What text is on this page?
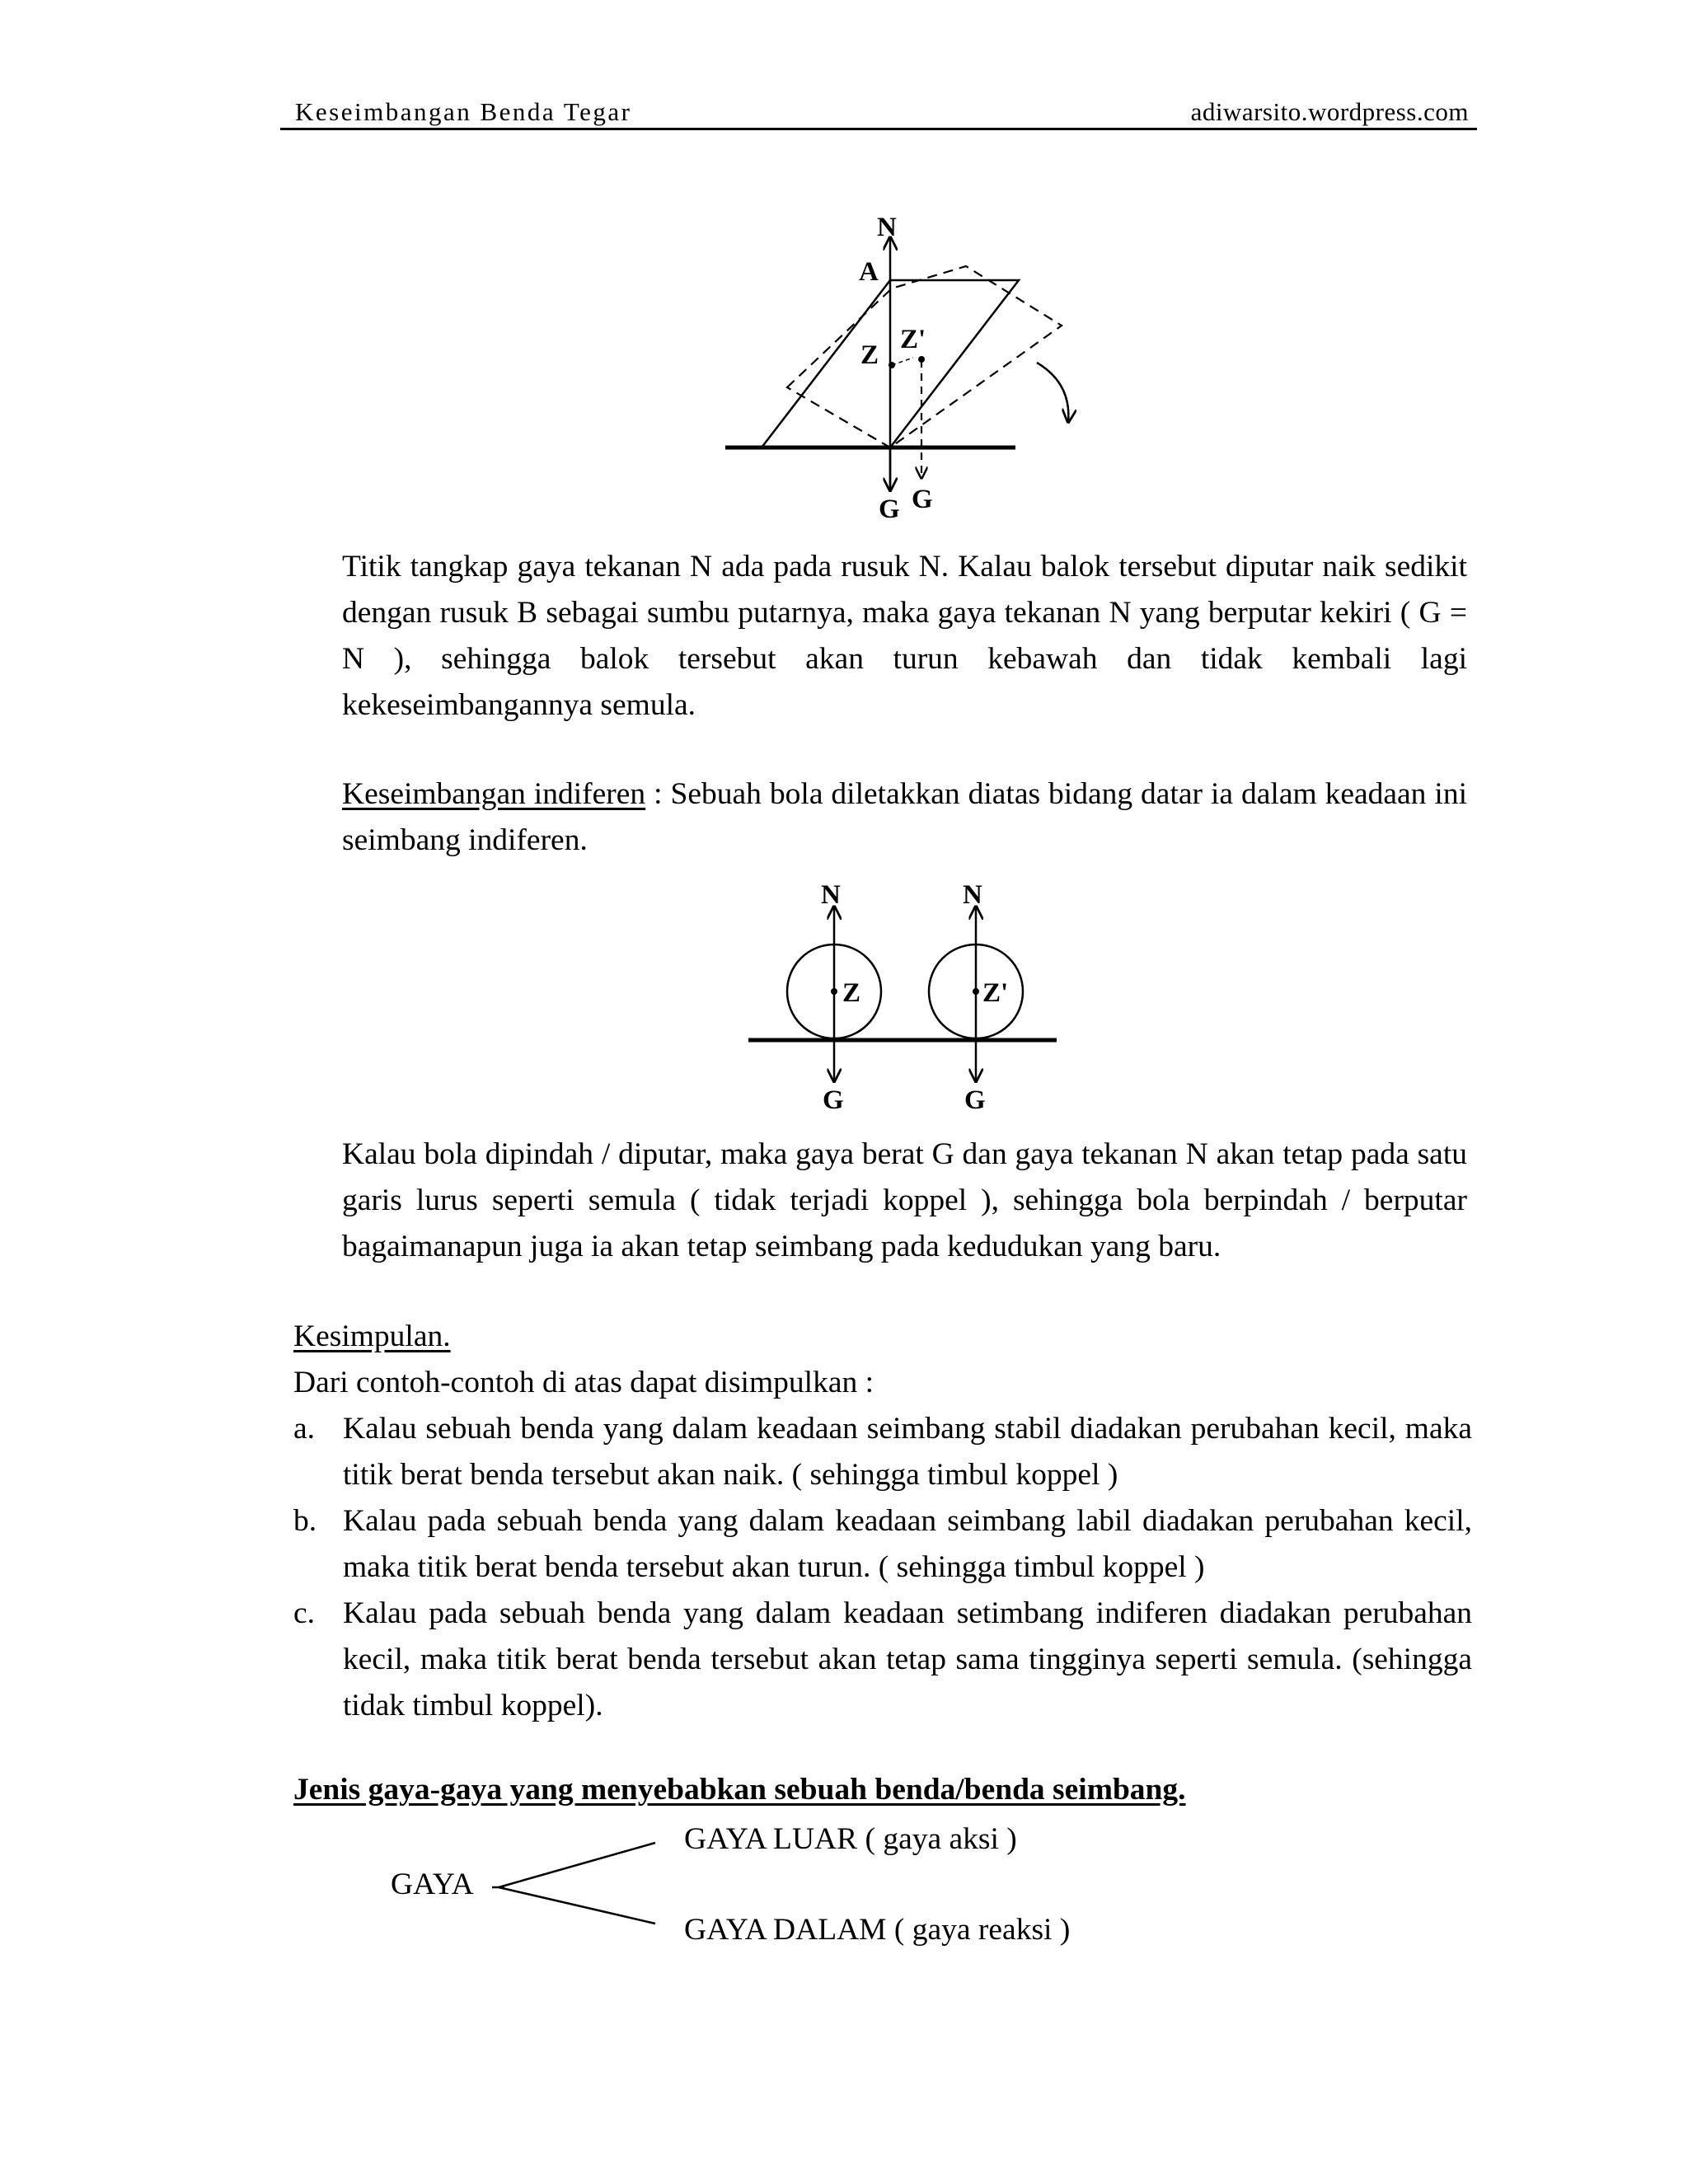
Keseimbangan Benda Tegar	adiwarsito.wordpress.com
N
A
Z
Z'
G G
Titik tangkap gaya tekanan N ada pada rusuk N. Kalau balok tersebut diputar naik sedikit dengan rusuk B sebagai sumbu putarnya, maka gaya tekanan N yang berputar kekiri ( G = N ), sehingga balok tersebut akan turun kebawah dan tidak kembali lagi kekeseimbangannya semula.
Keseimbangan indiferen : Sebuah bola diletakkan diatas bidang datar ia dalam keadaan ini seimbang indiferen.
N	N
Z	Z'
G	G
Kalau bola dipindah / diputar, maka gaya berat G dan gaya tekanan N akan tetap pada satu garis lurus seperti semula ( tidak terjadi koppel ), sehingga bola berpindah / berputar bagaimanapun juga ia akan tetap seimbang pada kedudukan yang baru.
Kesimpulan.
Dari contoh-contoh di atas dapat disimpulkan :
a. Kalau sebuah benda yang dalam keadaan seimbang stabil diadakan perubahan kecil, maka titik berat benda tersebut akan naik. ( sehingga timbul koppel )
b. Kalau pada sebuah benda yang dalam keadaan seimbang labil diadakan perubahan kecil, maka titik berat benda tersebut akan turun. ( sehingga timbul koppel )
c. Kalau pada sebuah benda yang dalam keadaan setimbang indiferen diadakan perubahan kecil, maka titik berat benda tersebut akan tetap sama tingginya seperti semula. (sehingga tidak timbul koppel).
Jenis gaya-gaya yang menyebabkan sebuah benda/benda seimbang.
GAYA LUAR ( gaya aksi )
GAYA
GAYA DALAM ( gaya reaksi )
